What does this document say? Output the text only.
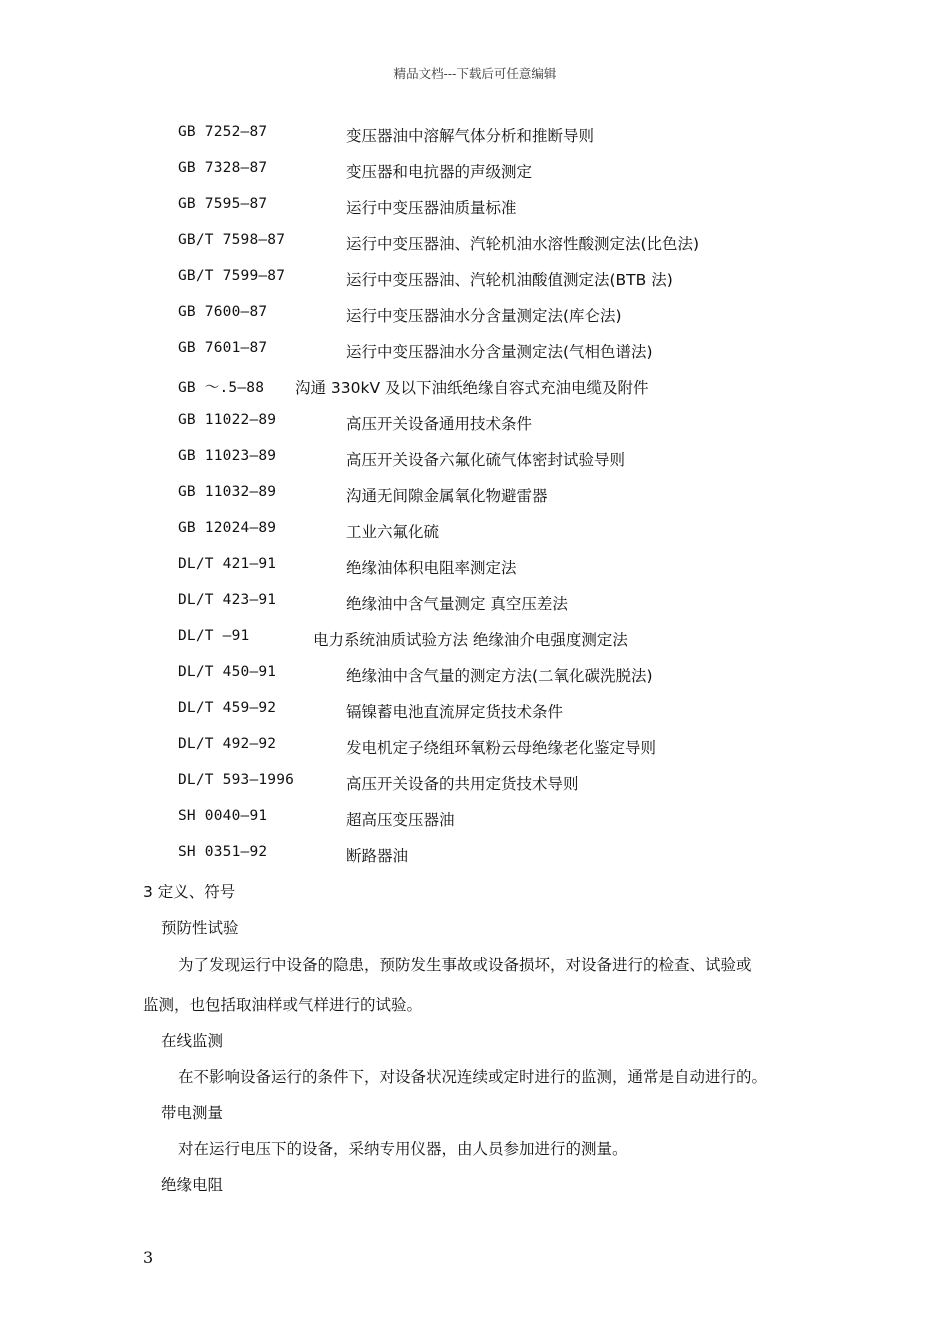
精品文档---下载后可任意编辑
GB 7252—87	变压器油中溶解气体分析和推断导则
GB 7328—87	变压器和电抗器的声级测定
GB 7595—87	运行中变压器油质量标准
GB/T 7598—87	运行中变压器油、汽轮机油水溶性酸测定法(比色法)
GB/T 7599—87	运行中变压器油、汽轮机油酸值测定法(BTB 法)
GB 7600—87	运行中变压器油水分含量测定法(库仑法)
GB 7601—87	运行中变压器油水分含量测定法(气相色谱法)
GB ～.5—88 沟通 330kV 及以下油纸绝缘自容式充油电缆及附件
GB 11022—89	高压开关设备通用技术条件
GB 11023—89	高压开关设备六氟化硫气体密封试验导则
GB 11032—89	沟通无间隙金属氧化物避雷器
GB 12024—89	工业六氟化硫
DL/T 421—91	绝缘油体积电阻率测定法
DL/T 423—91	绝缘油中含气量测定 真空压差法
DL/T —91	电力系统油质试验方法 绝缘油介电强度测定法
DL/T 450—91	绝缘油中含气量的测定方法(二氧化碳洗脱法)
DL/T 459—92	镉镍蓄电池直流屏定货技术条件
DL/T 492—92	发电机定子绕组环氧粉云母绝缘老化鉴定导则
DL/T 593—1996	高压开关设备的共用定货技术导则
SH 0040—91	超高压变压器油
SH 0351—92	断路器油
3 定义、符号
预防性试验
为了发现运行中设备的隐患，预防发生事故或设备损坏，对设备进行的检查、试验或
监测，也包括取油样或气样进行的试验。
在线监测
在不影响设备运行的条件下，对设备状况连续或定时进行的监测，通常是自动进行的。
带电测量
对在运行电压下的设备，采纳专用仪器，由人员参加进行的测量。
绝缘电阻
3
